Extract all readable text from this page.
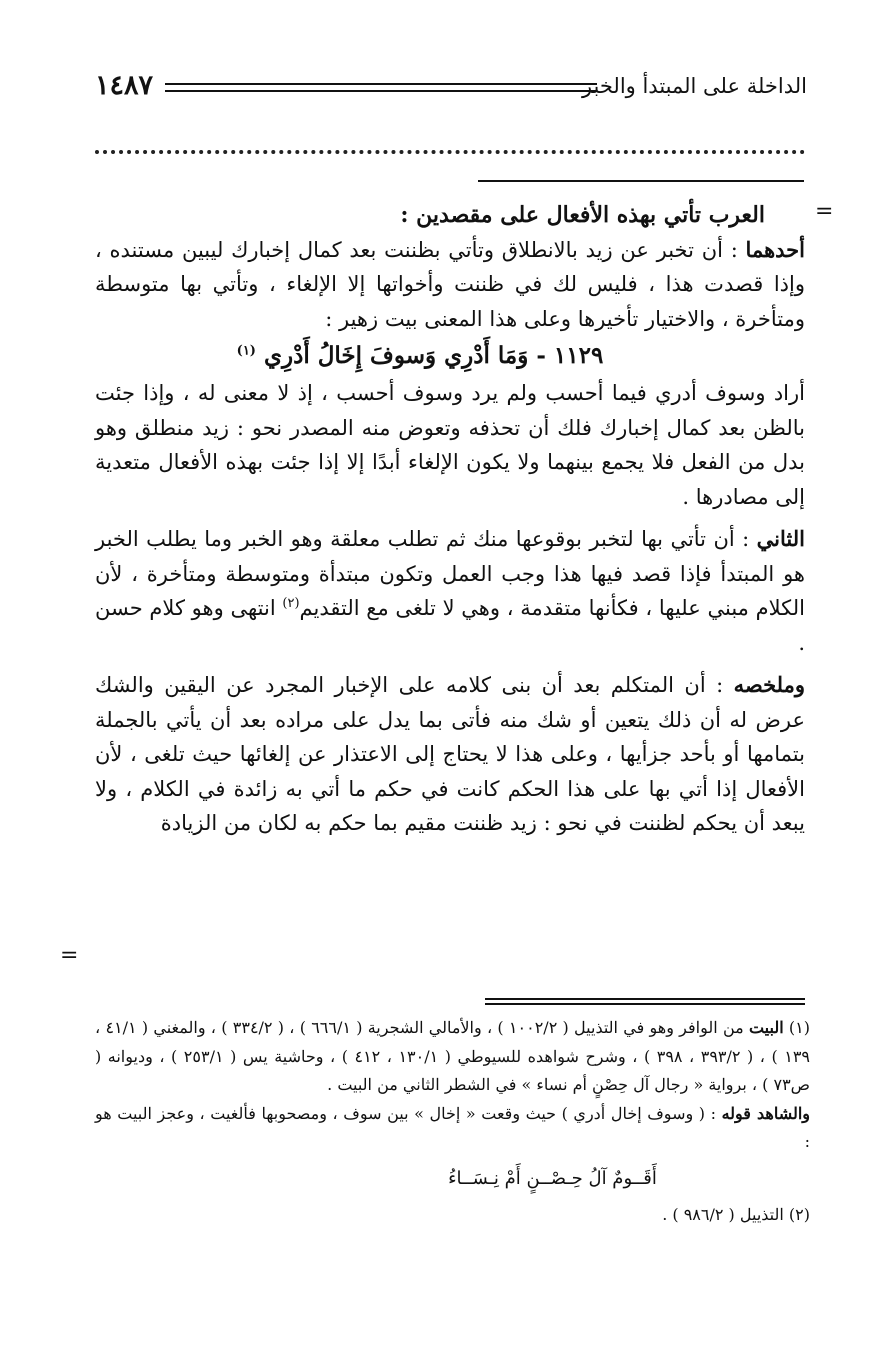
١٤٨٧	الداخلة على المبتدأ والخبر
=

العرب تأتي بهذه الأفعال على مقصدين :

أحدهما : أن تخبر عن زيد بالانطلاق وتأتي بظننت بعد كمال إخبارك ليبين مستنده ، وإذا قصدت هذا ، فليس لك في ظننت وأخواتها إلا الإلغاء ، وتأتي بها متوسطة ومتأخرة ، والاختيار تأخيرها وعلى هذا المعنى بيت زهير :

١١٢٩ - وَمَا أَدْرِي وَسوفَ إِخَالُ أَدْرِي $^{(١)}$

أراد وسوف أدري فيما أحسب ولم يرد وسوف أحسب ، إذ لا معنى له ، وإذا جئت بالظن بعد كمال إخبارك فلك أن تحذفه وتعوض منه المصدر نحو : زيد منطلق وهو بدل من الفعل فلا يجمع بينهما ولا يكون الإلغاء أبدًا إلا إذا جئت بهذه الأفعال متعدية إلى مصادرها .

الثاني : أن تأتي بها لتخبر بوقوعها منك ثم تطلب معلقة وهو الخبر وما يطلب الخبر هو المبتدأ فإذا قصد فيها هذا وجب العمل وتكون مبتدأة ومتوسطة ومتأخرة ، لأن الكلام مبني عليها ، فكأنها متقدمة ، وهي لا تلغى مع التقديم$^{(٢)}$ انتهى وهو كلام حسن .

وملخصه : أن المتكلم بعد أن بنى كلامه على الإخبار المجرد عن اليقين والشك عرض له أن ذلك يتعين أو شك منه فأتى بما يدل على مراده بعد أن يأتي بالجملة بتمامها أو بأحد جزأيها ، وعلى هذا لا يحتاج إلى الاعتذار عن إلغائها حيث تلغى ، لأن الأفعال إذا أتي بها على هذا الحكم كانت في حكم ما أتي به زائدة في الكلام ، ولا يبعد أن يحكم لظننت في نحو : زيد ظننت مقيم بما حكم به لكان من الزيادة

=

(١) البيت من الوافر وهو في التذييل ( ١٠٠٢/٢ ) ، والأمالي الشجرية ( ٦٦٦/١ ) ، ( ٣٣٤/٢ ) ، والمغني ( ٤١/١ ، ١٣٩ ) ، ( ٣٩٣/٢ ، ٣٩٨ ) ، وشرح شواهده للسيوطي ( ١٣٠/١ ، ٤١٢ ) ، وحاشية يس ( ٢٥٣/١ ) ، وديوانه ( ص٧٣ ) ، برواية « رجال آل حِصْنٍ أم نساء » في الشطر الثاني من البيت .

والشاهد قوله : ( وسوف إخال أدري ) حيث وقعت « إخال » بين سوف ، ومصحوبها فألغيت ، وعجز البيت هو :

أَقَــومٌ آلُ حِـصْــنٍ أَمْ نِـسَــاءُ

(٢) التذييل ( ٩٨٦/٢ ) .
